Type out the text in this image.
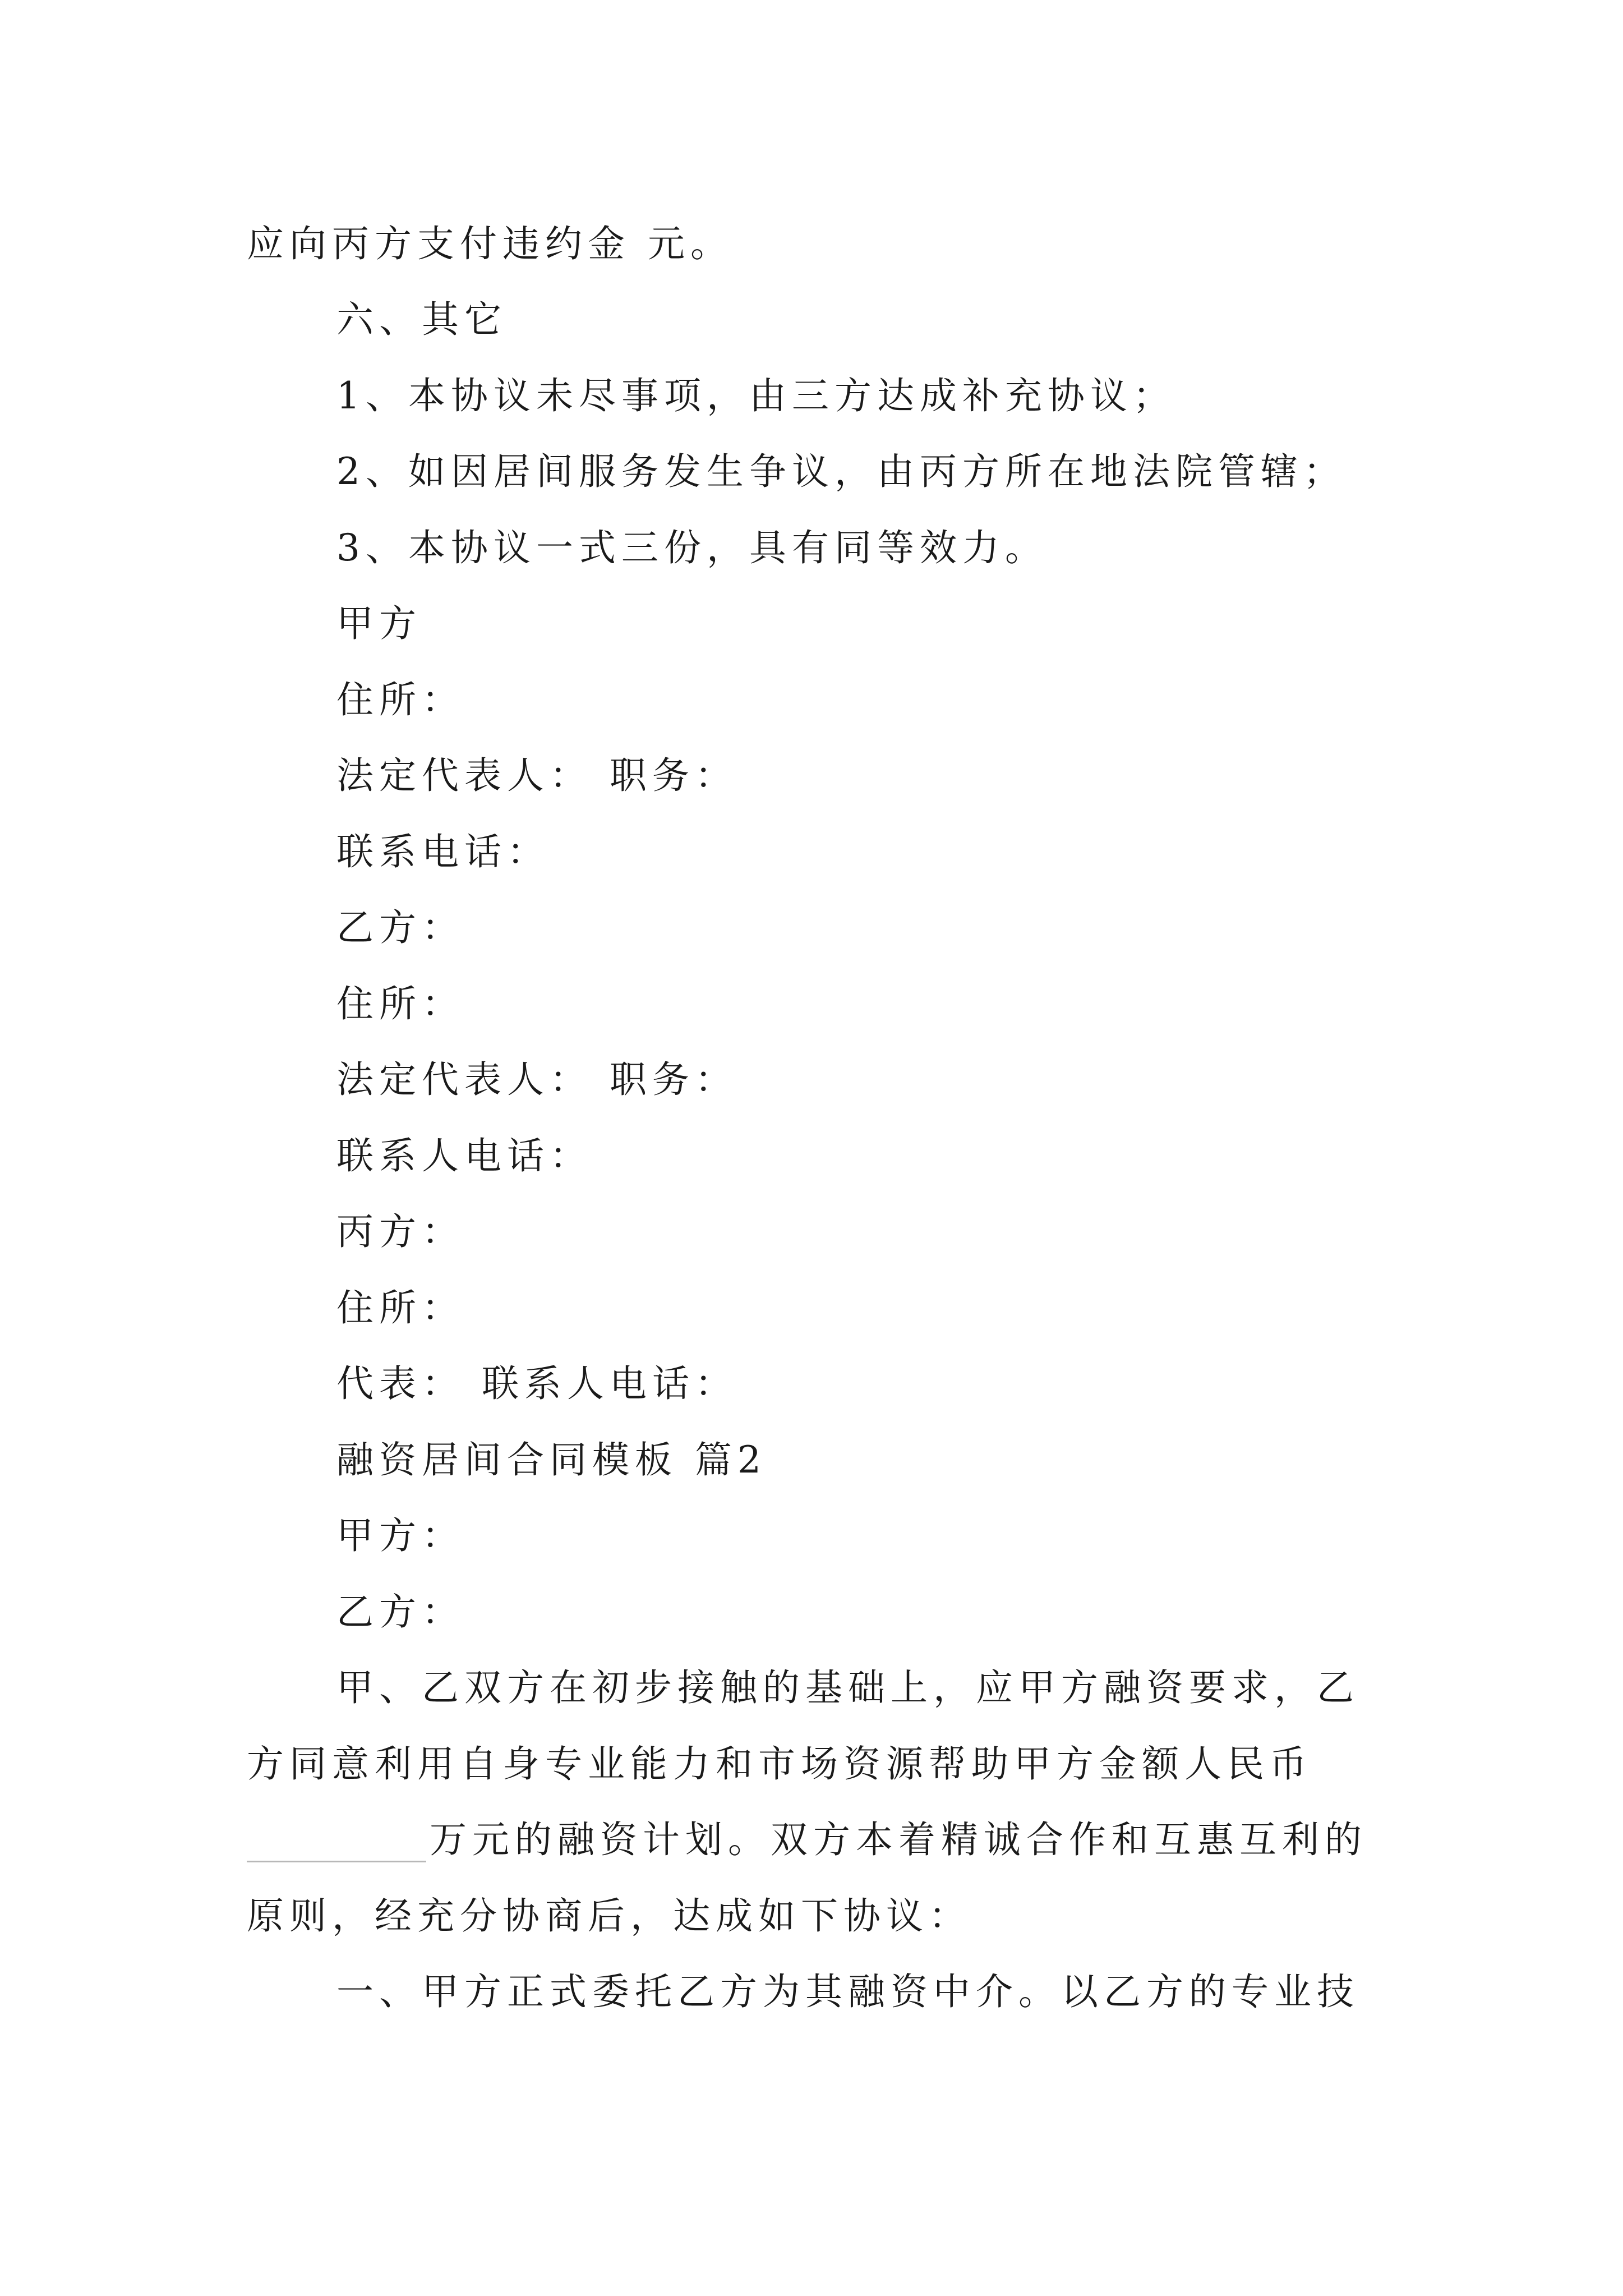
应向丙方支付违约金 元。
六、其它
1、本协议未尽事项，由三方达成补充协议；
2、如因居间服务发生争议，由丙方所在地法院管辖；
3、本协议一式三份，具有同等效力。
甲方
住所：
法定代表人： 职务：
联系电话：
乙方：
住所：
法定代表人： 职务：
联系人电话：
丙方：
住所：
代表： 联系人电话：
融资居间合同模板 篇2
甲方：
乙方：
甲、乙双方在初步接触的基础上，应甲方融资要求，乙
方同意利用自身专业能力和市场资源帮助甲方金额人民币
万元的融资计划。双方本着精诚合作和互惠互利的
原则，经充分协商后，达成如下协议：
一、甲方正式委托乙方为其融资中介。以乙方的专业技
